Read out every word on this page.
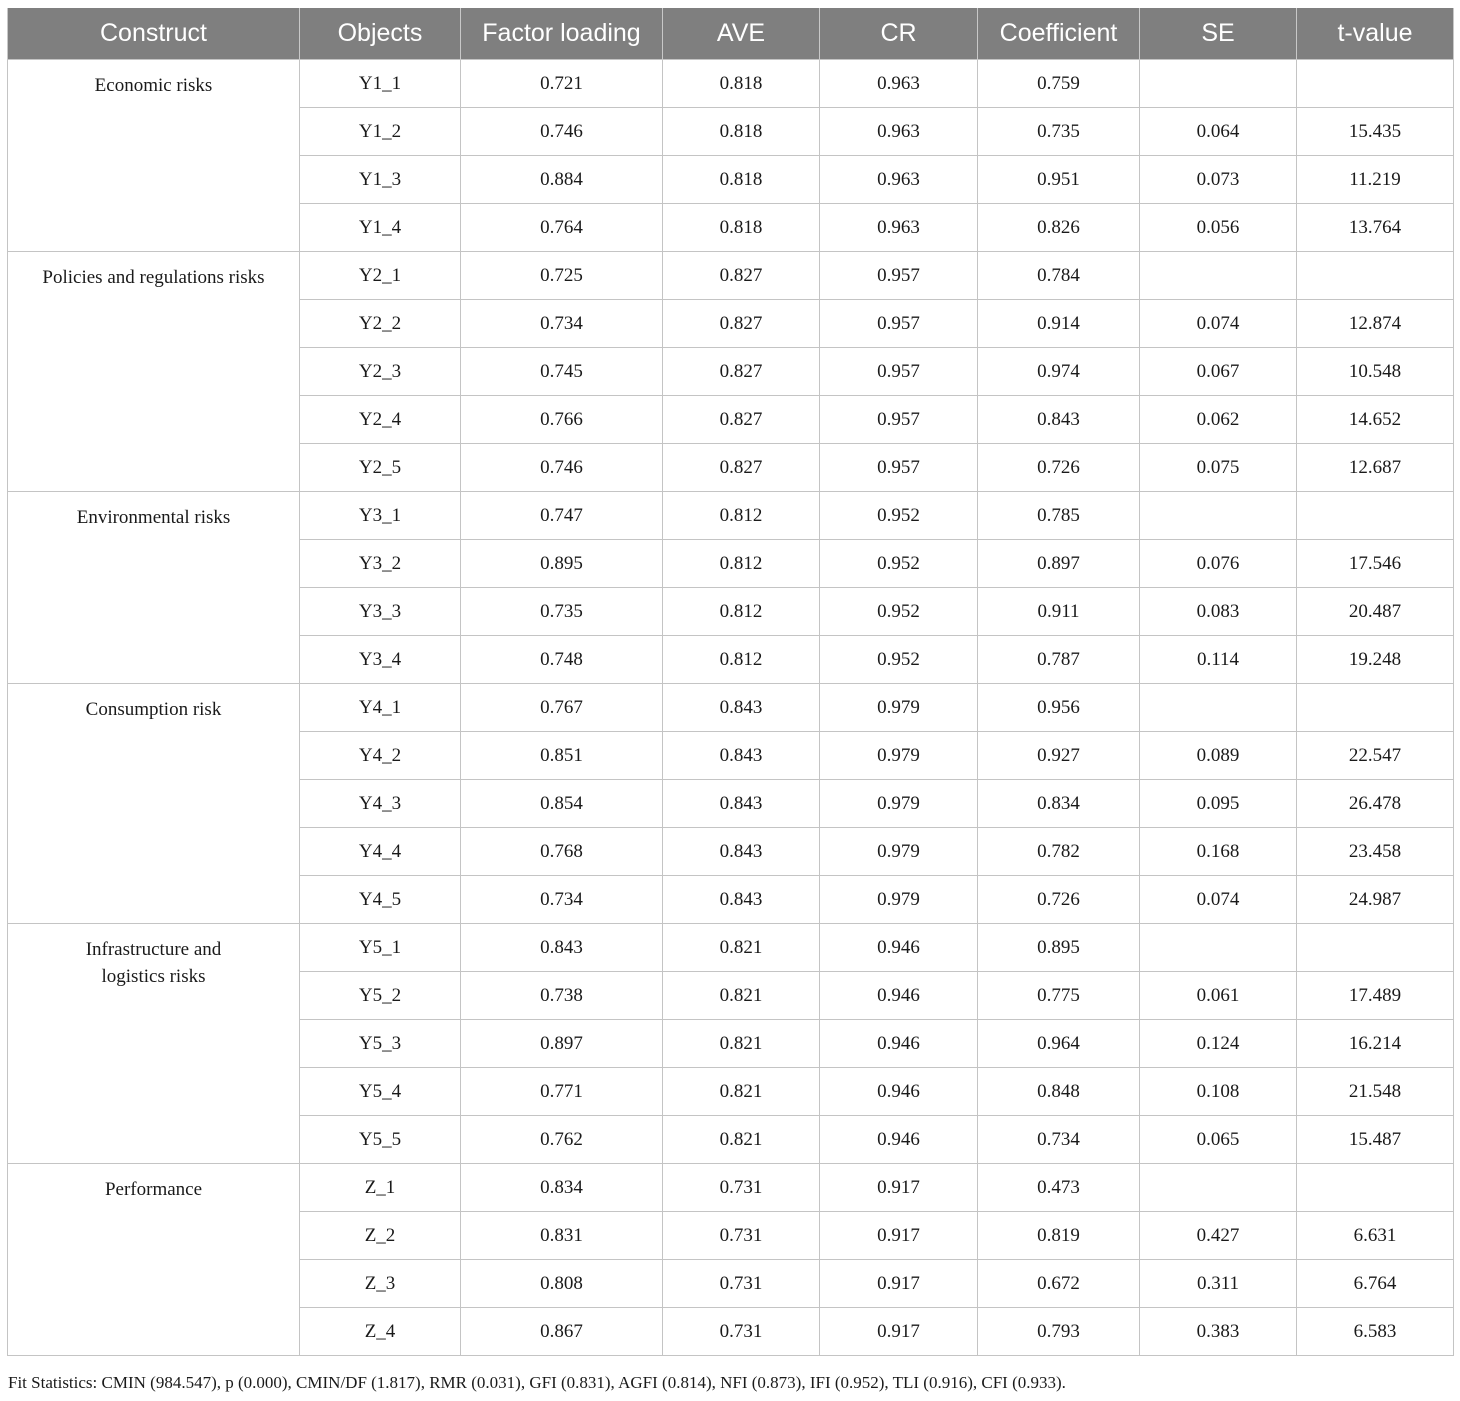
Construct	Objects	Factor loading	AVE	CR	Coefficient	SE	t-value
Economic risks	Y1_1	0.721	0.818	0.963	0.759		
	Y1_2	0.746	0.818	0.963	0.735	0.064	15.435
	Y1_3	0.884	0.818	0.963	0.951	0.073	11.219
	Y1_4	0.764	0.818	0.963	0.826	0.056	13.764
Policies and regulations risks	Y2_1	0.725	0.827	0.957	0.784		
	Y2_2	0.734	0.827	0.957	0.914	0.074	12.874
	Y2_3	0.745	0.827	0.957	0.974	0.067	10.548
	Y2_4	0.766	0.827	0.957	0.843	0.062	14.652
	Y2_5	0.746	0.827	0.957	0.726	0.075	12.687
Environmental risks	Y3_1	0.747	0.812	0.952	0.785		
	Y3_2	0.895	0.812	0.952	0.897	0.076	17.546
	Y3_3	0.735	0.812	0.952	0.911	0.083	20.487
	Y3_4	0.748	0.812	0.952	0.787	0.114	19.248
Consumption risk	Y4_1	0.767	0.843	0.979	0.956		
	Y4_2	0.851	0.843	0.979	0.927	0.089	22.547
	Y4_3	0.854	0.843	0.979	0.834	0.095	26.478
	Y4_4	0.768	0.843	0.979	0.782	0.168	23.458
	Y4_5	0.734	0.843	0.979	0.726	0.074	24.987
Infrastructure and logistics risks	Y5_1	0.843	0.821	0.946	0.895		
	Y5_2	0.738	0.821	0.946	0.775	0.061	17.489
	Y5_3	0.897	0.821	0.946	0.964	0.124	16.214
	Y5_4	0.771	0.821	0.946	0.848	0.108	21.548
	Y5_5	0.762	0.821	0.946	0.734	0.065	15.487
Performance	Z_1	0.834	0.731	0.917	0.473		
	Z_2	0.831	0.731	0.917	0.819	0.427	6.631
	Z_3	0.808	0.731	0.917	0.672	0.311	6.764
	Z_4	0.867	0.731	0.917	0.793	0.383	6.583
Fit Statistics: CMIN (984.547), p (0.000), CMIN/DF (1.817), RMR (0.031), GFI (0.831), AGFI (0.814), NFI (0.873), IFI (0.952), TLI (0.916), CFI (0.933).
